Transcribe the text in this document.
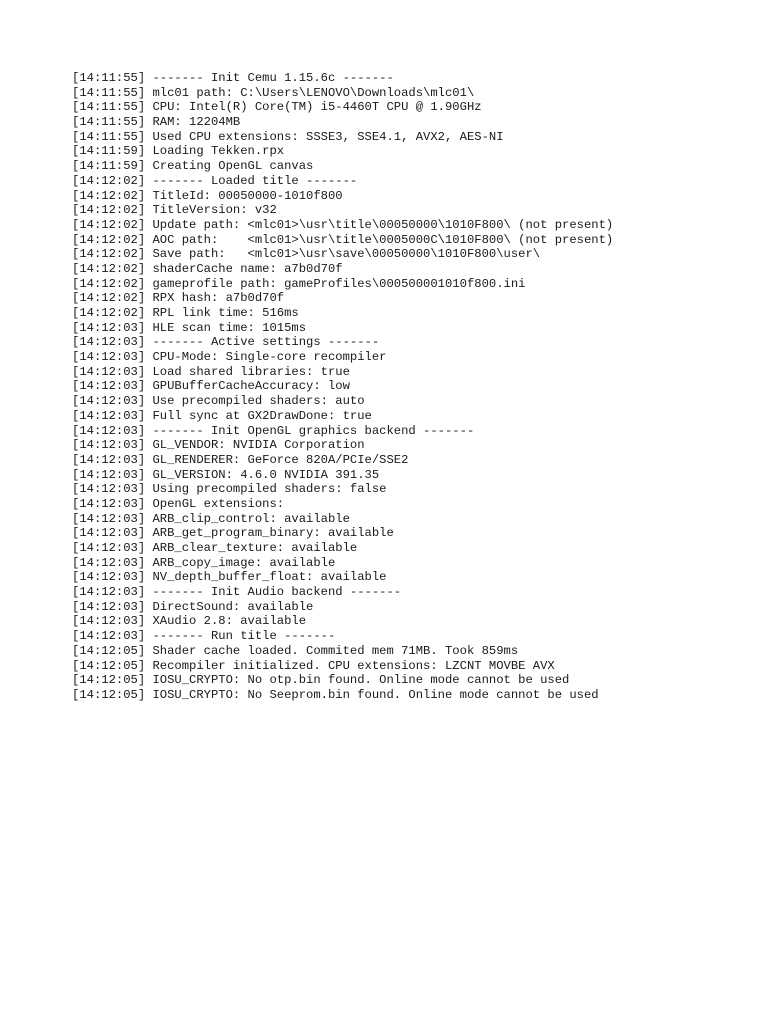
[14:11:55] ------- Init Cemu 1.15.6c -------
[14:11:55] mlc01 path: C:\Users\LENOVO\Downloads\mlc01\
[14:11:55] CPU: Intel(R) Core(TM) i5-4460T CPU @ 1.90GHz
[14:11:55] RAM: 12204MB
[14:11:55] Used CPU extensions: SSSE3, SSE4.1, AVX2, AES-NI
[14:11:59] Loading Tekken.rpx
[14:11:59] Creating OpenGL canvas
[14:12:02] ------- Loaded title -------
[14:12:02] TitleId: 00050000-1010f800
[14:12:02] TitleVersion: v32
[14:12:02] Update path: <mlc01>\usr\title\00050000\1010F800\ (not present)
[14:12:02] AOC path:    <mlc01>\usr\title\0005000C\1010F800\ (not present)
[14:12:02] Save path:   <mlc01>\usr\save\00050000\1010F800\user\
[14:12:02] shaderCache name: a7b0d70f
[14:12:02] gameprofile path: gameProfiles\000500001010f800.ini
[14:12:02] RPX hash: a7b0d70f
[14:12:02] RPL link time: 516ms
[14:12:03] HLE scan time: 1015ms
[14:12:03] ------- Active settings -------
[14:12:03] CPU-Mode: Single-core recompiler
[14:12:03] Load shared libraries: true
[14:12:03] GPUBufferCacheAccuracy: low
[14:12:03] Use precompiled shaders: auto
[14:12:03] Full sync at GX2DrawDone: true
[14:12:03] ------- Init OpenGL graphics backend -------
[14:12:03] GL_VENDOR: NVIDIA Corporation
[14:12:03] GL_RENDERER: GeForce 820A/PCIe/SSE2
[14:12:03] GL_VERSION: 4.6.0 NVIDIA 391.35
[14:12:03] Using precompiled shaders: false
[14:12:03] OpenGL extensions:
[14:12:03] ARB_clip_control: available
[14:12:03] ARB_get_program_binary: available
[14:12:03] ARB_clear_texture: available
[14:12:03] ARB_copy_image: available
[14:12:03] NV_depth_buffer_float: available
[14:12:03] ------- Init Audio backend -------
[14:12:03] DirectSound: available
[14:12:03] XAudio 2.8: available
[14:12:03] ------- Run title -------
[14:12:05] Shader cache loaded. Commited mem 71MB. Took 859ms
[14:12:05] Recompiler initialized. CPU extensions: LZCNT MOVBE AVX
[14:12:05] IOSU_CRYPTO: No otp.bin found. Online mode cannot be used
[14:12:05] IOSU_CRYPTO: No Seeprom.bin found. Online mode cannot be used
